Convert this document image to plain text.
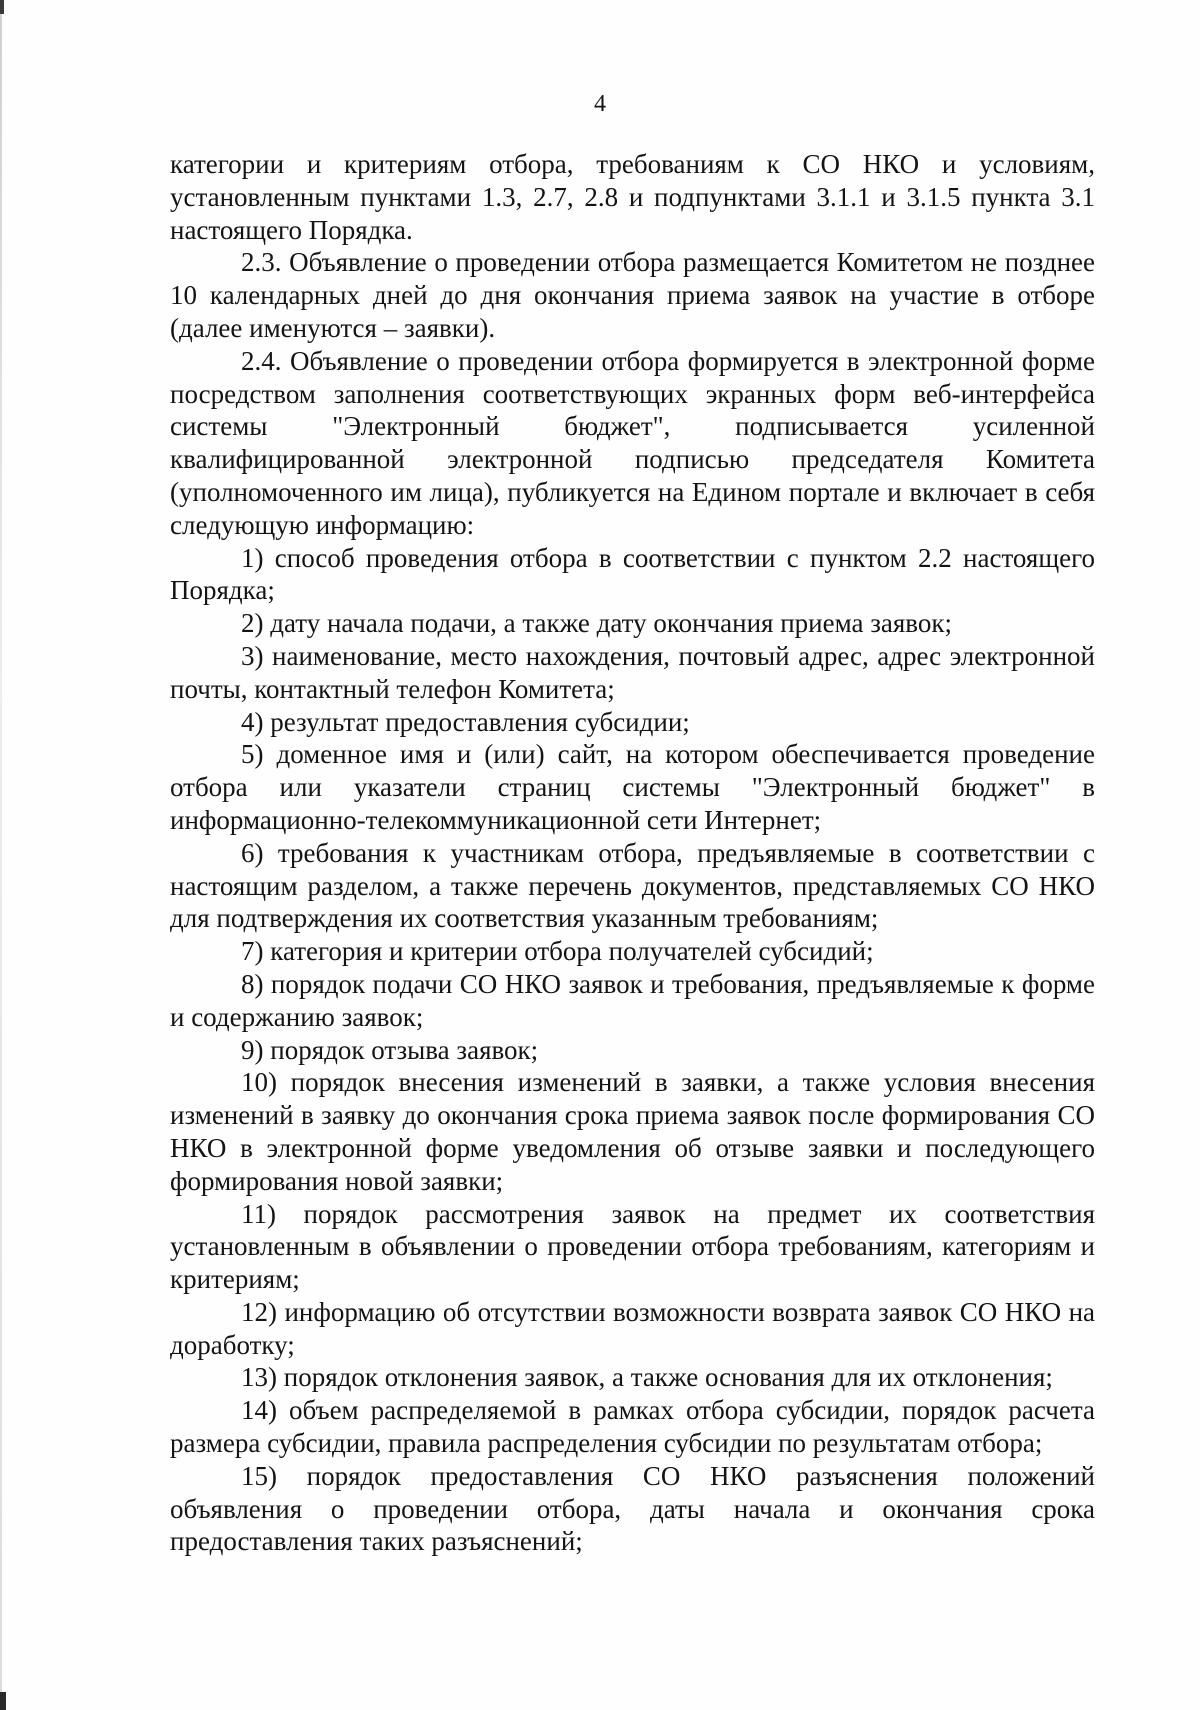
4

категории и критериям отбора, требованиям к СО НКО и условиям, установленным пунктами 1.3, 2.7, 2.8 и подпунктами 3.1.1 и 3.1.5 пункта 3.1 настоящего Порядка.

2.3. Объявление о проведении отбора размещается Комитетом не позднее 10 календарных дней до дня окончания приема заявок на участие в отборе (далее именуются – заявки).

2.4. Объявление о проведении отбора формируется в электронной форме посредством заполнения соответствующих экранных форм веб-интерфейса системы "Электронный бюджет", подписывается усиленной квалифицированной электронной подписью председателя Комитета (уполномоченного им лица), публикуется на Едином портале и включает в себя следующую информацию:

1) способ проведения отбора в соответствии с пунктом 2.2 настоящего Порядка;

2) дату начала подачи, а также дату окончания приема заявок;

3) наименование, место нахождения, почтовый адрес, адрес электронной почты, контактный телефон Комитета;

4) результат предоставления субсидии;

5) доменное имя и (или) сайт, на котором обеспечивается проведение отбора или указатели страниц системы "Электронный бюджет" в информационно-телекоммуникационной сети Интернет;

6) требования к участникам отбора, предъявляемые в соответствии с настоящим разделом, а также перечень документов, представляемых СО НКО для подтверждения их соответствия указанным требованиям;

7) категория и критерии отбора получателей субсидий;

8) порядок подачи СО НКО заявок и требования, предъявляемые к форме и содержанию заявок;

9) порядок отзыва заявок;

10) порядок внесения изменений в заявки, а также условия внесения изменений в заявку до окончания срока приема заявок после формирования СО НКО в электронной форме уведомления об отзыве заявки и последующего формирования новой заявки;

11) порядок рассмотрения заявок на предмет их соответствия установленным в объявлении о проведении отбора требованиям, категориям и критериям;

12) информацию об отсутствии возможности возврата заявок СО НКО на доработку;

13) порядок отклонения заявок, а также основания для их отклонения;

14) объем распределяемой в рамках отбора субсидии, порядок расчета размера субсидии, правила распределения субсидии по результатам отбора;

15) порядок предоставления СО НКО разъяснения положений объявления о проведении отбора, даты начала и окончания срока предоставления таких разъяснений;
